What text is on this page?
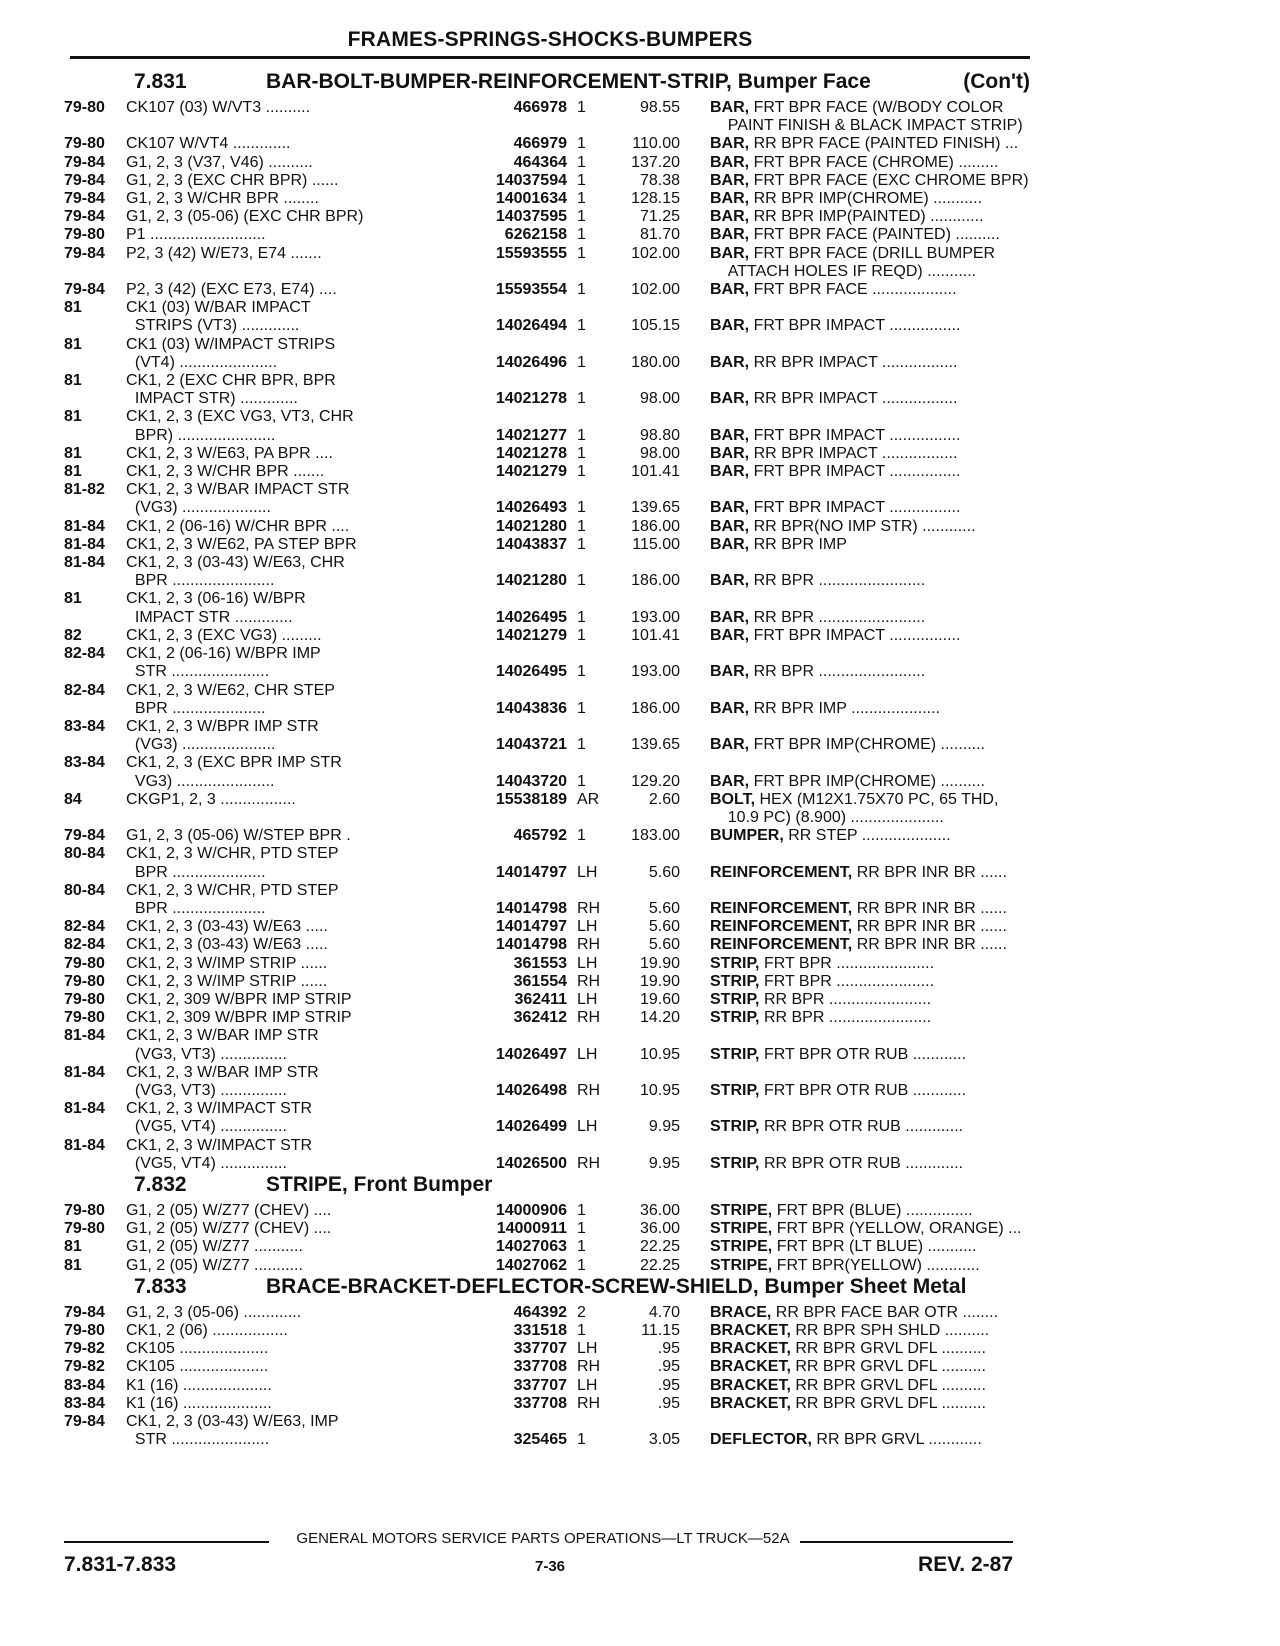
FRAMES-SPRINGS-SHOCKS-BUMPERS
7.831	BAR-BOLT-BUMPER-REINFORCEMENT-STRIP, Bumper Face	(Con't)
79-80	CK107 (03) W/VT3 ..........	466978 1	98.55	BAR, FRT BPR FACE (W/BODY COLOR
PAINT FINISH & BLACK IMPACT STRIP)
79-80	CK107 W/VT4 .............	466979 1	110.00	BAR, RR BPR FACE (PAINTED FINISH) ...
79-84	G1, 2, 3 (V37, V46) ..........	464364 1	137.20	BAR, FRT BPR FACE (CHROME) .........
79-84	G1, 2, 3 (EXC CHR BPR) ......	14037594 1	78.38	BAR, FRT BPR FACE (EXC CHROME BPR)
79-84	G1, 2, 3 W/CHR BPR ........	14001634 1	128.15	BAR, RR BPR IMP(CHROME) ...........
79-84	G1, 2, 3 (05-06) (EXC CHR BPR)	14037595 1	71.25	BAR, RR BPR IMP(PAINTED) ............
79-80	P1 ..........................	6262158 1	81.70	BAR, FRT BPR FACE (PAINTED) ..........
79-84	P2, 3 (42) W/E73, E74 .......	15593555 1	102.00	BAR, FRT BPR FACE (DRILL BUMPER
ATTACH HOLES IF REQD) ...........
79-84	P2, 3 (42) (EXC E73, E74) ....	15593554 1	102.00	BAR, FRT BPR FACE ...................
81	CK1 (03) W/BAR IMPACT
STRIPS (VT3) .............	14026494 1	105.15	BAR, FRT BPR IMPACT ................
81	CK1 (03) W/IMPACT STRIPS
(VT4) ......................	14026496 1	180.00	BAR, RR BPR IMPACT .................
81	CK1, 2 (EXC CHR BPR, BPR
IMPACT STR) .............	14021278 1	98.00	BAR, RR BPR IMPACT .................
81	CK1, 2, 3 (EXC VG3, VT3, CHR
BPR) ......................	14021277 1	98.80	BAR, FRT BPR IMPACT ................
81	CK1, 2, 3 W/E63, PA BPR ....	14021278 1	98.00	BAR, RR BPR IMPACT .................
81	CK1, 2, 3 W/CHR BPR .......	14021279 1	101.41	BAR, FRT BPR IMPACT ................
81-82	CK1, 2, 3 W/BAR IMPACT STR
(VG3) ....................	14026493 1	139.65	BAR, FRT BPR IMPACT ................
81-84	CK1, 2 (06-16) W/CHR BPR ....	14021280 1	186.00	BAR, RR BPR(NO IMP STR) ............
81-84	CK1, 2, 3 W/E62, PA STEP BPR	14043837 1	115.00	BAR, RR BPR IMP
81-84	CK1, 2, 3 (03-43) W/E63, CHR
BPR .......................	14021280 1	186.00	BAR, RR BPR ........................
81	CK1, 2, 3 (06-16) W/BPR
IMPACT STR .............	14026495 1	193.00	BAR, RR BPR ........................
82	CK1, 2, 3 (EXC VG3) .........	14021279 1	101.41	BAR, FRT BPR IMPACT ................
82-84	CK1, 2 (06-16) W/BPR IMP
STR ......................	14026495 1	193.00	BAR, RR BPR ........................
82-84	CK1, 2, 3 W/E62, CHR STEP
BPR .....................	14043836 1	186.00	BAR, RR BPR IMP ....................
83-84	CK1, 2, 3 W/BPR IMP STR
(VG3) .....................	14043721 1	139.65	BAR, FRT BPR IMP(CHROME) ..........
83-84	CK1, 2, 3 (EXC BPR IMP STR
VG3) ......................	14043720 1	129.20	BAR, FRT BPR IMP(CHROME) ..........
84	CKGP1, 2, 3 .................	15538189 AR	2.60	BOLT, HEX (M12X1.75X70 PC, 65 THD,
10.9 PC) (8.900) .....................
79-84	G1, 2, 3 (05-06) W/STEP BPR .	465792 1	183.00	BUMPER, RR STEP ....................
80-84	CK1, 2, 3 W/CHR, PTD STEP
BPR .....................	14014797 LH	5.60	REINFORCEMENT, RR BPR INR BR ......
80-84	CK1, 2, 3 W/CHR, PTD STEP
BPR .....................	14014798 RH	5.60	REINFORCEMENT, RR BPR INR BR ......
82-84	CK1, 2, 3 (03-43) W/E63 .....	14014797 LH	5.60	REINFORCEMENT, RR BPR INR BR ......
82-84	CK1, 2, 3 (03-43) W/E63 .....	14014798 RH	5.60	REINFORCEMENT, RR BPR INR BR ......
79-80	CK1, 2, 3 W/IMP STRIP ......	361553 LH	19.90	STRIP, FRT BPR ......................
79-80	CK1, 2, 3 W/IMP STRIP ......	361554 RH	19.90	STRIP, FRT BPR ......................
79-80	CK1, 2, 309 W/BPR IMP STRIP	362411 LH	19.60	STRIP, RR BPR .......................
79-80	CK1, 2, 309 W/BPR IMP STRIP	362412 RH	14.20	STRIP, RR BPR .......................
81-84	CK1, 2, 3 W/BAR IMP STR
(VG3, VT3) ...............	14026497 LH	10.95	STRIP, FRT BPR OTR RUB ............
81-84	CK1, 2, 3 W/BAR IMP STR
(VG3, VT3) ...............	14026498 RH	10.95	STRIP, FRT BPR OTR RUB ............
81-84	CK1, 2, 3 W/IMPACT STR
(VG5, VT4) ...............	14026499 LH	9.95	STRIP, RR BPR OTR RUB .............
81-84	CK1, 2, 3 W/IMPACT STR
(VG5, VT4) ...............	14026500 RH	9.95	STRIP, RR BPR OTR RUB .............
7.832	STRIPE, Front Bumper
79-80	G1, 2 (05) W/Z77 (CHEV) ....	14000906 1	36.00	STRIPE, FRT BPR (BLUE) ...............
79-80	G1, 2 (05) W/Z77 (CHEV) ....	14000911 1	36.00	STRIPE, FRT BPR (YELLOW, ORANGE) ...
81	G1, 2 (05) W/Z77 ...........	14027063 1	22.25	STRIPE, FRT BPR (LT BLUE) ...........
81	G1, 2 (05) W/Z77 ...........	14027062 1	22.25	STRIPE, FRT BPR(YELLOW) ............
7.833	BRACE-BRACKET-DEFLECTOR-SCREW-SHIELD, Bumper Sheet Metal
79-84	G1, 2, 3 (05-06) .............	464392 2	4.70	BRACE, RR BPR FACE BAR OTR ........
79-80	CK1, 2 (06) .................	331518 1	11.15	BRACKET, RR BPR SPH SHLD ..........
79-82	CK105 ....................	337707 LH	.95	BRACKET, RR BPR GRVL DFL ..........
79-82	CK105 ....................	337708 RH	.95	BRACKET, RR BPR GRVL DFL ..........
83-84	K1 (16) ....................	337707 LH	.95	BRACKET, RR BPR GRVL DFL ..........
83-84	K1 (16) ....................	337708 RH	.95	BRACKET, RR BPR GRVL DFL ..........
79-84	CK1, 2, 3 (03-43) W/E63, IMP
STR ......................	325465 1	3.05	DEFLECTOR, RR BPR GRVL ............
GENERAL MOTORS SERVICE PARTS OPERATIONS—LT TRUCK—52A
7.831-7.833	7-36	REV. 2-87
